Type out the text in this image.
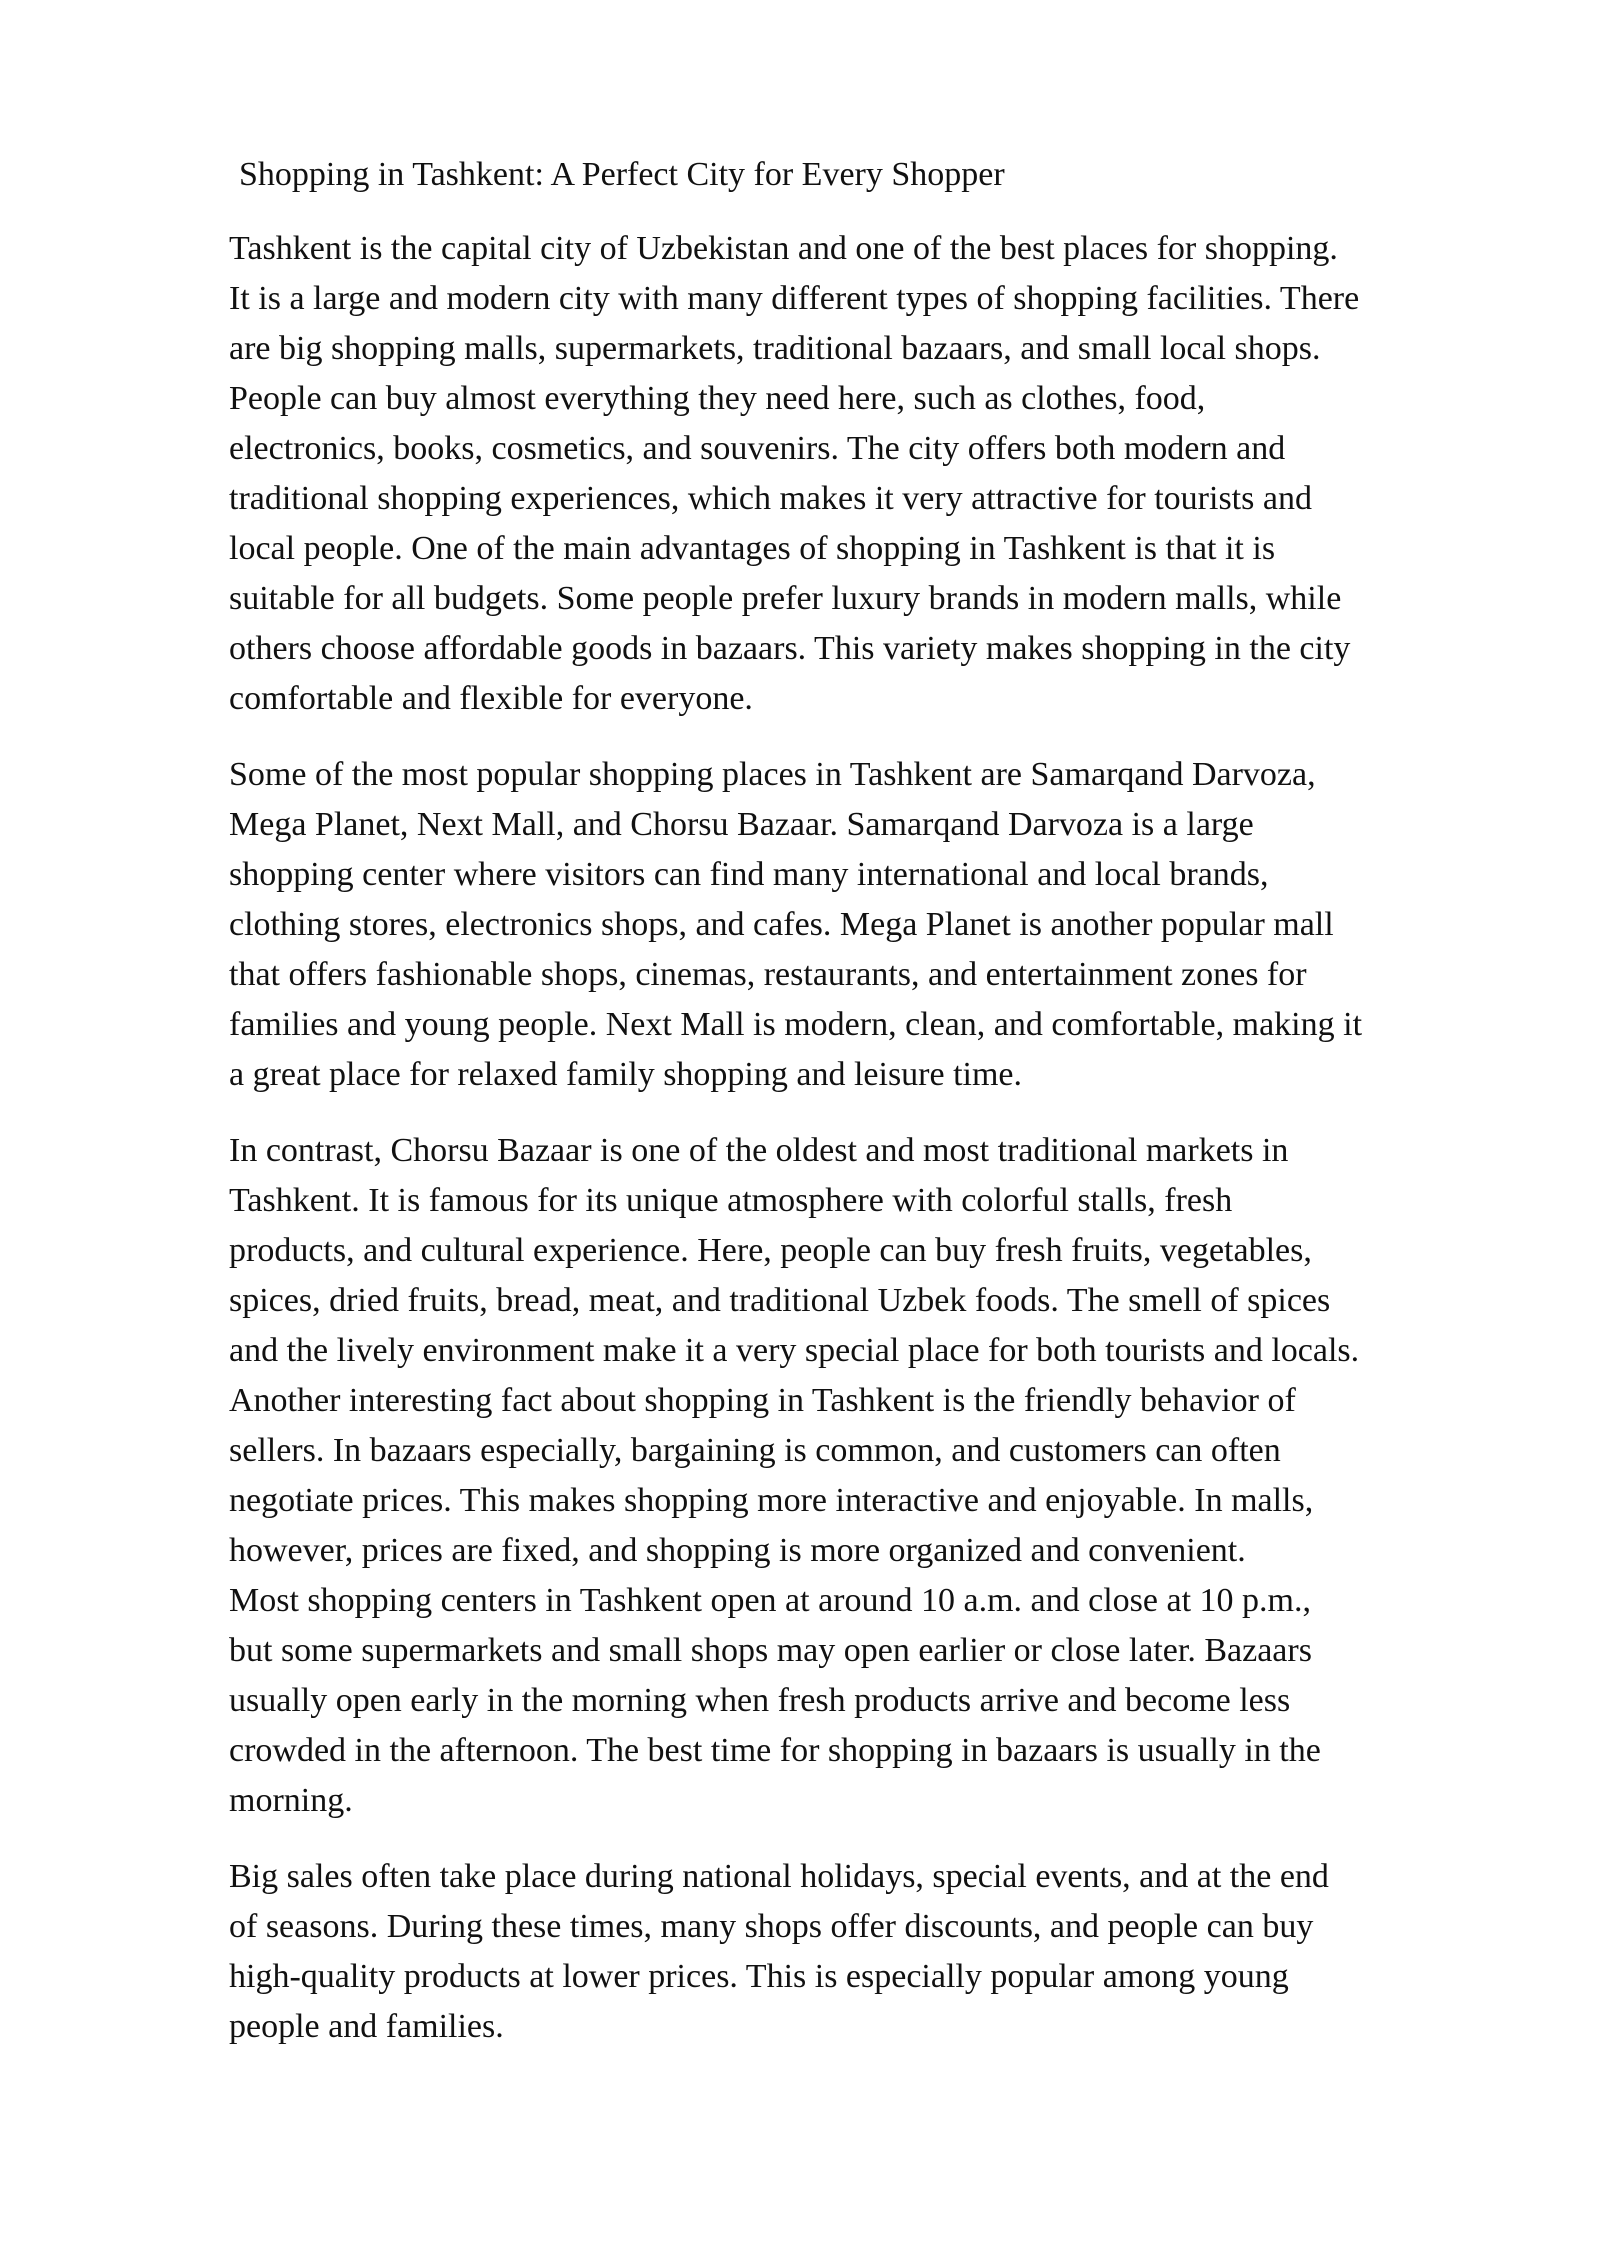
Shopping in Tashkent: A Perfect City for Every Shopper

Tashkent is the capital city of Uzbekistan and one of the best places for shopping.
It is a large and modern city with many different types of shopping facilities. There
are big shopping malls, supermarkets, traditional bazaars, and small local shops.
People can buy almost everything they need here, such as clothes, food,
electronics, books, cosmetics, and souvenirs. The city offers both modern and
traditional shopping experiences, which makes it very attractive for tourists and
local people. One of the main advantages of shopping in Tashkent is that it is
suitable for all budgets. Some people prefer luxury brands in modern malls, while
others choose affordable goods in bazaars. This variety makes shopping in the city
comfortable and flexible for everyone.

Some of the most popular shopping places in Tashkent are Samarqand Darvoza,
Mega Planet, Next Mall, and Chorsu Bazaar. Samarqand Darvoza is a large
shopping center where visitors can find many international and local brands,
clothing stores, electronics shops, and cafes. Mega Planet is another popular mall
that offers fashionable shops, cinemas, restaurants, and entertainment zones for
families and young people. Next Mall is modern, clean, and comfortable, making it
a great place for relaxed family shopping and leisure time.

In contrast, Chorsu Bazaar is one of the oldest and most traditional markets in
Tashkent. It is famous for its unique atmosphere with colorful stalls, fresh
products, and cultural experience. Here, people can buy fresh fruits, vegetables,
spices, dried fruits, bread, meat, and traditional Uzbek foods. The smell of spices
and the lively environment make it a very special place for both tourists and locals.
Another interesting fact about shopping in Tashkent is the friendly behavior of
sellers. In bazaars especially, bargaining is common, and customers can often
negotiate prices. This makes shopping more interactive and enjoyable. In malls,
however, prices are fixed, and shopping is more organized and convenient.
Most shopping centers in Tashkent open at around 10 a.m. and close at 10 p.m.,
but some supermarkets and small shops may open earlier or close later. Bazaars
usually open early in the morning when fresh products arrive and become less
crowded in the afternoon. The best time for shopping in bazaars is usually in the
morning.

Big sales often take place during national holidays, special events, and at the end
of seasons. During these times, many shops offer discounts, and people can buy
high-quality products at lower prices. This is especially popular among young
people and families.
